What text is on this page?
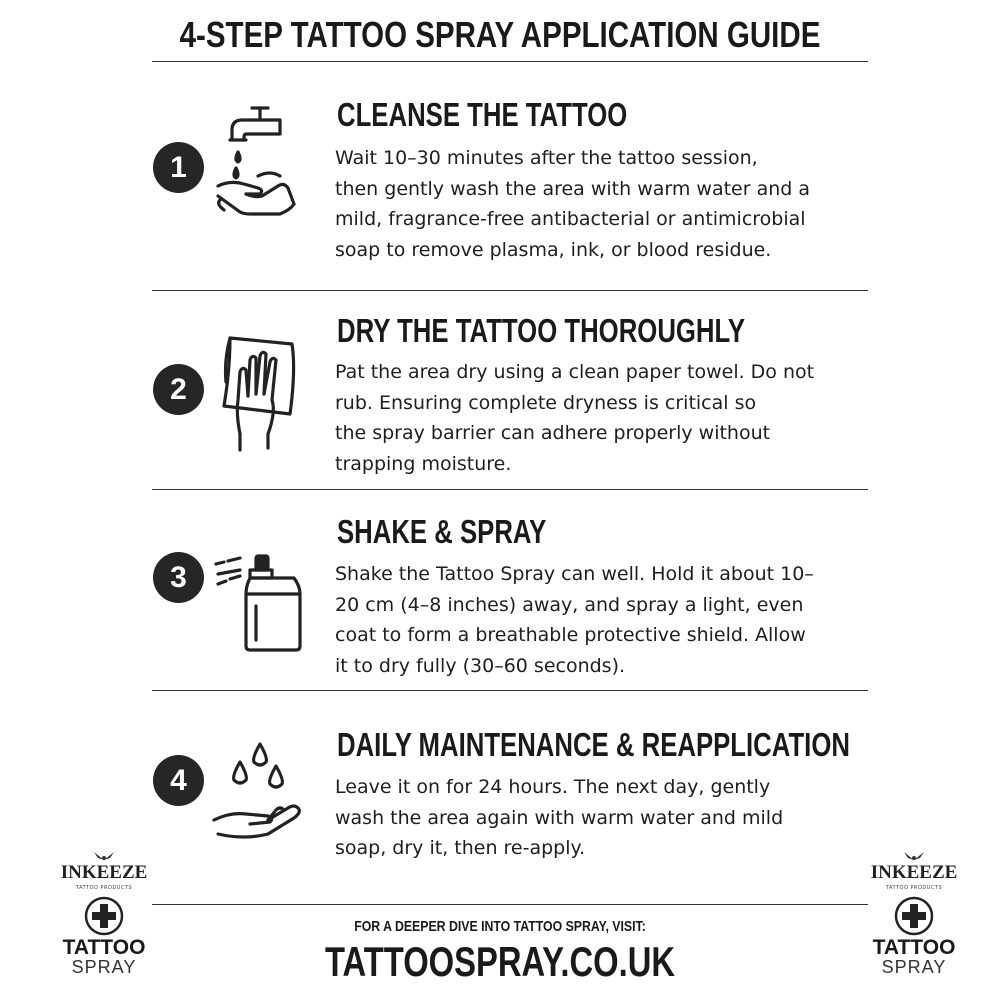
4-STEP TATTOO SPRAY APPLICATION GUIDE
1
CLEANSE THE TATTOO

Wait 10–30 minutes after the tattoo session,
then gently wash the area with warm water and a
mild, fragrance-free antibacterial or antimicrobial
soap to remove plasma, ink, or blood residue.

2
DRY THE TATTOO THOROUGHLY

Pat the area dry using a clean paper towel. Do not
rub. Ensuring complete dryness is critical so
the spray barrier can adhere properly without
trapping moisture.

3
SHAKE & SPRAY

Shake the Tattoo Spray can well. Hold it about 10–
20 cm (4–8 inches) away, and spray a light, even
coat to form a breathable protective shield. Allow
it to dry fully (30–60 seconds).

4
DAILY MAINTENANCE & REAPPLICATION

Leave it on for 24 hours. The next day, gently
wash the area again with warm water and mild
soap, dry it, then re-apply.

FOR A DEEPER DIVE INTO TATTOO SPRAY, VISIT:
TATTOOSPRAY.CO.UK
INKEEZE
TATTOO PRODUCTS
TATTOO
SPRAY
INKEEZE
TATTOO PRODUCTS
TATTOO
SPRAY
